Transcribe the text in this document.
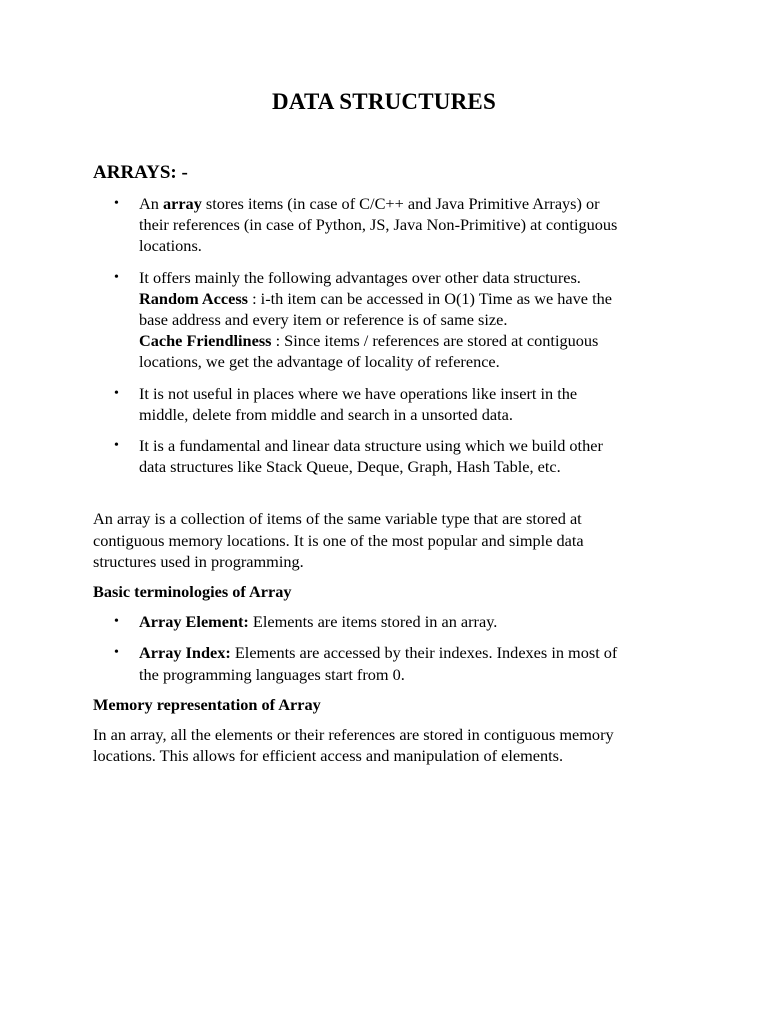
DATA STRUCTURES
ARRAYS: -
• An array stores items (in case of C/C++ and Java Primitive Arrays) or
their references (in case of Python, JS, Java Non-Primitive) at contiguous
locations.
• It offers mainly the following advantages over other data structures.
Random Access : i-th item can be accessed in O(1) Time as we have the
base address and every item or reference is of same size.
Cache Friendliness : Since items / references are stored at contiguous
locations, we get the advantage of locality of reference.
• It is not useful in places where we have operations like insert in the
middle, delete from middle and search in a unsorted data.
• It is a fundamental and linear data structure using which we build other
data structures like Stack Queue, Deque, Graph, Hash Table, etc.

An array is a collection of items of the same variable type that are stored at
contiguous memory locations. It is one of the most popular and simple data
structures used in programming.

Basic terminologies of Array
• Array Element: Elements are items stored in an array.
• Array Index: Elements are accessed by their indexes. Indexes in most of
the programming languages start from 0.
Memory representation of Array

In an array, all the elements or their references are stored in contiguous memory
locations. This allows for efficient access and manipulation of elements.
